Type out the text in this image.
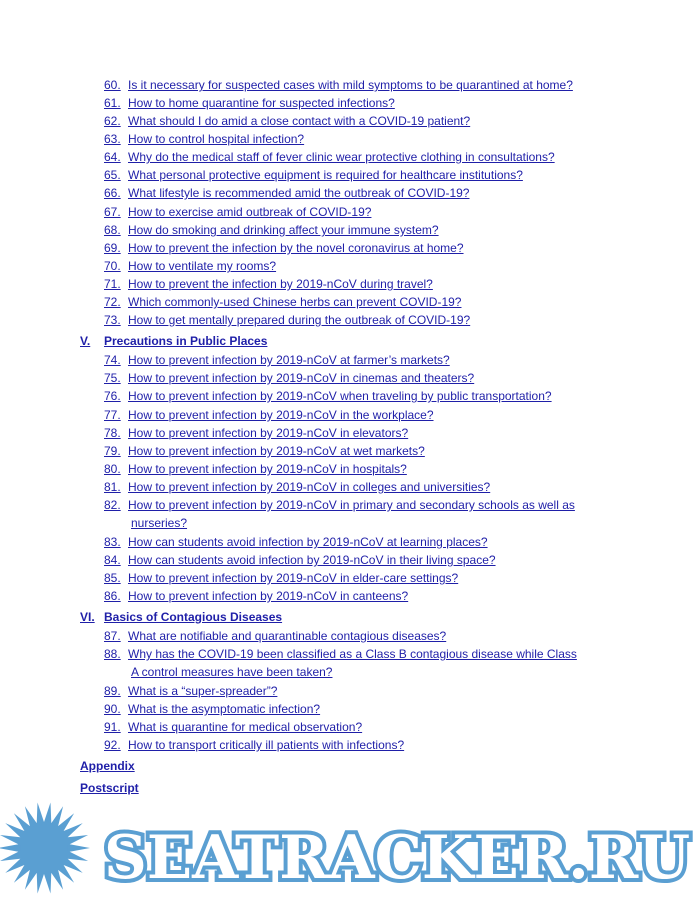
60. Is it necessary for suspected cases with mild symptoms to be quarantined at home?
61. How to home quarantine for suspected infections?
62. What should I do amid a close contact with a COVID-19 patient?
63. How to control hospital infection?
64. Why do the medical staff of fever clinic wear protective clothing in consultations?
65. What personal protective equipment is required for healthcare institutions?
66. What lifestyle is recommended amid the outbreak of COVID-19?
67. How to exercise amid outbreak of COVID-19?
68. How do smoking and drinking affect your immune system?
69. How to prevent the infection by the novel coronavirus at home?
70. How to ventilate my rooms?
71. How to prevent the infection by 2019-nCoV during travel?
72. Which commonly-used Chinese herbs can prevent COVID-19?
73. How to get mentally prepared during the outbreak of COVID-19?
V. Precautions in Public Places
74. How to prevent infection by 2019-nCoV at farmer’s markets?
75. How to prevent infection by 2019-nCoV in cinemas and theaters?
76. How to prevent infection by 2019-nCoV when traveling by public transportation?
77. How to prevent infection by 2019-nCoV in the workplace?
78. How to prevent infection by 2019-nCoV in elevators?
79. How to prevent infection by 2019-nCoV at wet markets?
80. How to prevent infection by 2019-nCoV in hospitals?
81. How to prevent infection by 2019-nCoV in colleges and universities?
82. How to prevent infection by 2019-nCoV in primary and secondary schools as well as
nurseries?
83. How can students avoid infection by 2019-nCoV at learning places?
84. How can students avoid infection by 2019-nCoV in their living space?
85. How to prevent infection by 2019-nCoV in elder-care settings?
86. How to prevent infection by 2019-nCoV in canteens?
VI. Basics of Contagious Diseases
87. What are notifiable and quarantinable contagious diseases?
88. Why has the COVID-19 been classified as a Class B contagious disease while Class
A control measures have been taken?
89. What is a “super-spreader”?
90. What is the asymptomatic infection?
91. What is quarantine for medical observation?
92. How to transport critically ill patients with infections?
Appendix
Postscript
SEATRACKER.RU
